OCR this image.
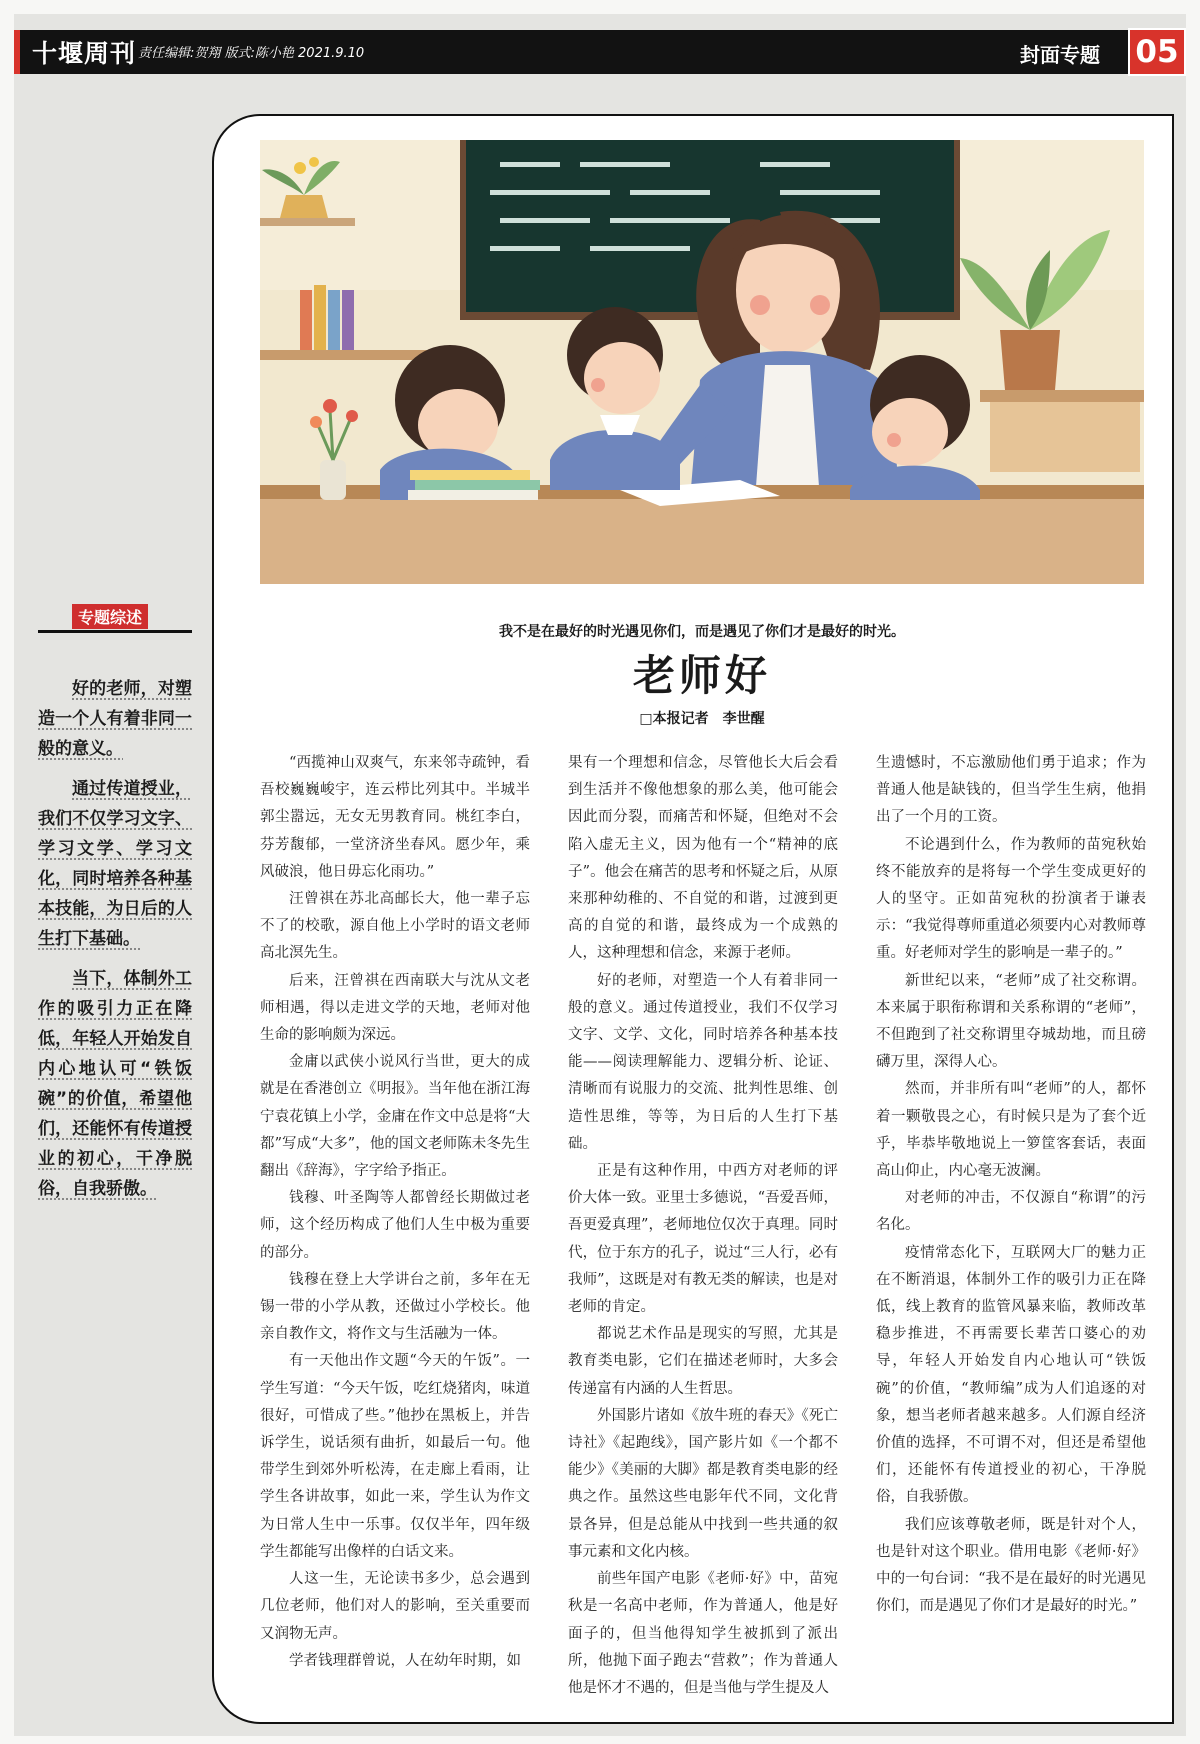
十堰周刊 责任编辑:贺翔 版式:陈小艳 2021.9.10	封面专题 05
专题综述

好的老师，对塑造一个人有着非同一般的意义。

通过传道授业，我们不仅学习文字、学习文学、学习文化，同时培养各种基本技能，为日后的人生打下基础。

当下，体制外工作的吸引力正在降低，年轻人开始发自内心地认可“铁饭碗”的价值，希望他们，还能怀有传道授业的初心，干净脱俗，自我骄傲。

我不是在最好的时光遇见你们，而是遇见了你们才是最好的时光。
老师好
□本报记者　李世醒

“西揽神山双爽气，东来邻寺疏钟，看吾校巍巍峻宇，连云栉比列其中。半城半郭尘嚣远，无女无男教育同。桃红李白，芬芳馥郁，一堂济济坐春风。愿少年，乘风破浪，他日毋忘化雨功。”

汪曾祺在苏北高邮长大，他一辈子忘不了的校歌，源自他上小学时的语文老师高北溟先生。

后来，汪曾祺在西南联大与沈从文老师相遇，得以走进文学的天地，老师对他生命的影响颇为深远。

金庸以武侠小说风行当世，更大的成就是在香港创立《明报》。当年他在浙江海宁袁花镇上小学，金庸在作文中总是将“大都”写成“大多”，他的国文老师陈未冬先生翻出《辞海》，字字给予指正。

钱穆、叶圣陶等人都曾经长期做过老师，这个经历构成了他们人生中极为重要的部分。

钱穆在登上大学讲台之前，多年在无锡一带的小学从教，还做过小学校长。他亲自教作文，将作文与生活融为一体。

有一天他出作文题“今天的午饭”。一学生写道：“今天午饭，吃红烧猪肉，味道很好，可惜成了些。”他抄在黑板上，并告诉学生，说话须有曲折，如最后一句。他带学生到郊外听松涛，在走廊上看雨，让学生各讲故事，如此一来，学生认为作文为日常人生中一乐事。仅仅半年，四年级学生都能写出像样的白话文来。

人这一生，无论读书多少，总会遇到几位老师，他们对人的影响，至关重要而又润物无声。

学者钱理群曾说，人在幼年时期，如

果有一个理想和信念，尽管他长大后会看到生活并不像他想象的那么美，他可能会因此而分裂，而痛苦和怀疑，但绝对不会陷入虚无主义，因为他有一个“精神的底子”。他会在痛苦的思考和怀疑之后，从原来那种幼稚的、不自觉的和谐，过渡到更高的自觉的和谐，最终成为一个成熟的人，这种理想和信念，来源于老师。

好的老师，对塑造一个人有着非同一般的意义。通过传道授业，我们不仅学习文字、文学、文化，同时培养各种基本技能——阅读理解能力、逻辑分析、论证、清晰而有说服力的交流、批判性思维、创造性思维，等等，为日后的人生打下基础。

正是有这种作用，中西方对老师的评价大体一致。亚里士多德说，“吾爱吾师，吾更爱真理”，老师地位仅次于真理。同时代，位于东方的孔子，说过“三人行，必有我师”，这既是对有教无类的解读，也是对老师的肯定。

都说艺术作品是现实的写照，尤其是教育类电影，它们在描述老师时，大多会传递富有内涵的人生哲思。

外国影片诸如《放牛班的春天》《死亡诗社》《起跑线》，国产影片如《一个都不能少》《美丽的大脚》都是教育类电影的经典之作。虽然这些电影年代不同，文化背景各异，但是总能从中找到一些共通的叙事元素和文化内核。

前些年国产电影《老师·好》中，苗宛秋是一名高中老师，作为普通人，他是好面子的，但当他得知学生被抓到了派出所，他抛下面子跑去“营救”；作为普通人他是怀才不遇的，但是当他与学生提及人

生遗憾时，不忘激励他们勇于追求；作为普通人他是缺钱的，但当学生生病，他捐出了一个月的工资。

不论遇到什么，作为教师的苗宛秋始终不能放弃的是将每一个学生变成更好的人的坚守。正如苗宛秋的扮演者于谦表示：“我觉得尊师重道必须要内心对教师尊重。好老师对学生的影响是一辈子的。”

新世纪以来，“老师”成了社交称谓。本来属于职衔称谓和关系称谓的“老师”，不但跑到了社交称谓里夺城劫地，而且磅礴万里，深得人心。

然而，并非所有叫“老师”的人，都怀着一颗敬畏之心，有时候只是为了套个近乎，毕恭毕敬地说上一箩筐客套话，表面高山仰止，内心毫无波澜。

对老师的冲击，不仅源自“称谓”的污名化。

疫情常态化下，互联网大厂的魅力正在不断消退，体制外工作的吸引力正在降低，线上教育的监管风暴来临，教师改革稳步推进，不再需要长辈苦口婆心的劝导，年轻人开始发自内心地认可“铁饭碗”的价值，“教师编”成为人们追逐的对象，想当老师者越来越多。人们源自经济价值的选择，不可谓不对，但还是希望他们，还能怀有传道授业的初心，干净脱俗，自我骄傲。

我们应该尊敬老师，既是针对个人，也是针对这个职业。借用电影《老师·好》中的一句台词：“我不是在最好的时光遇见你们，而是遇见了你们才是最好的时光。”
